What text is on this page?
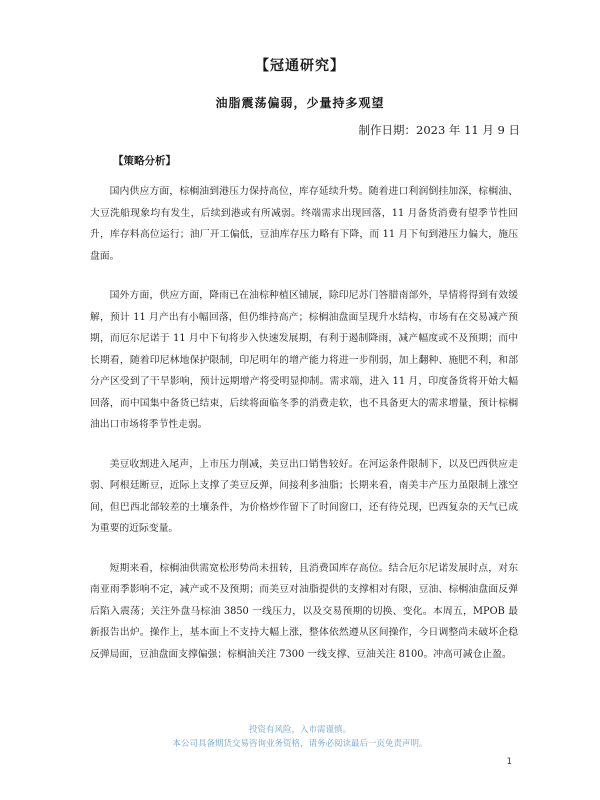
【冠通研究】
油脂震荡偏弱，少量持多观望
制作日期：2023 年 11 月 9 日
【策略分析】

国内供应方面，棕榈油到港压力保持高位，库存延续升势。随着进口利润倒挂加深，棕榈油、大豆洗船现象均有发生，后续到港或有所减弱。终端需求出现回落，11 月备货消费有望季节性回升，库存料高位运行；油厂开工偏低，豆油库存压力略有下降，而 11 月下旬到港压力偏大，施压盘面。

国外方面，供应方面，降雨已在油棕种植区铺展，除印尼苏门答腊南部外，旱情将得到有效缓解，预计 11 月产出有小幅回落，但仍维持高产；棕榈油盘面呈现升水结构，市场有在交易减产预期，而厄尔尼诺于 11 月中下旬将步入快速发展期，有利于遏制降雨，减产幅度或不及预期；而中长期看，随着印尼林地保护限制，印尼明年的增产能力将进一步削弱，加上翻种、施肥不利，和部分产区受到了干旱影响，预计远期增产将受明显抑制。需求端，进入 11 月，印度备货将开始大幅回落，而中国集中备货已结束，后续将面临冬季的消费走软，也不具备更大的需求增量，预计棕榈油出口市场将季节性走弱。

美豆收割进入尾声，上市压力削减，美豆出口销售较好。在河运条件限制下，以及巴西供应走弱、阿根廷断豆，近际上支撑了美豆反弹，间接利多油脂；长期来看，南美丰产压力虽限制上涨空间，但巴西北部较差的土壤条件，为价格炒作留下了时间窗口，还有待兑现，巴西复杂的天气已成为重要的近际变量。

短期来看，棕榈油供需宽松形势尚未扭转，且消费国库存高位。结合厄尔尼诺发展时点，对东南亚雨季影响不定，减产或不及预期；而美豆对油脂提供的支撑相对有限，豆油、棕榈油盘面反弹后陷入震荡；关注外盘马棕油 3850 一线压力，以及交易预期的切换、变化。本周五，MPOB 最新报告出炉。操作上，基本面上不支持大幅上涨，整体依然遵从区间操作，今日调整尚未破坏企稳反弹局面，豆油盘面支撑偏强；棕榈油关注 7300 一线支撑、豆油关注 8100。冲高可减仓止盈。

投资有风险，入市需谨慎。
本公司具备期货交易咨询业务资格，请务必阅读最后一页免责声明。
1
